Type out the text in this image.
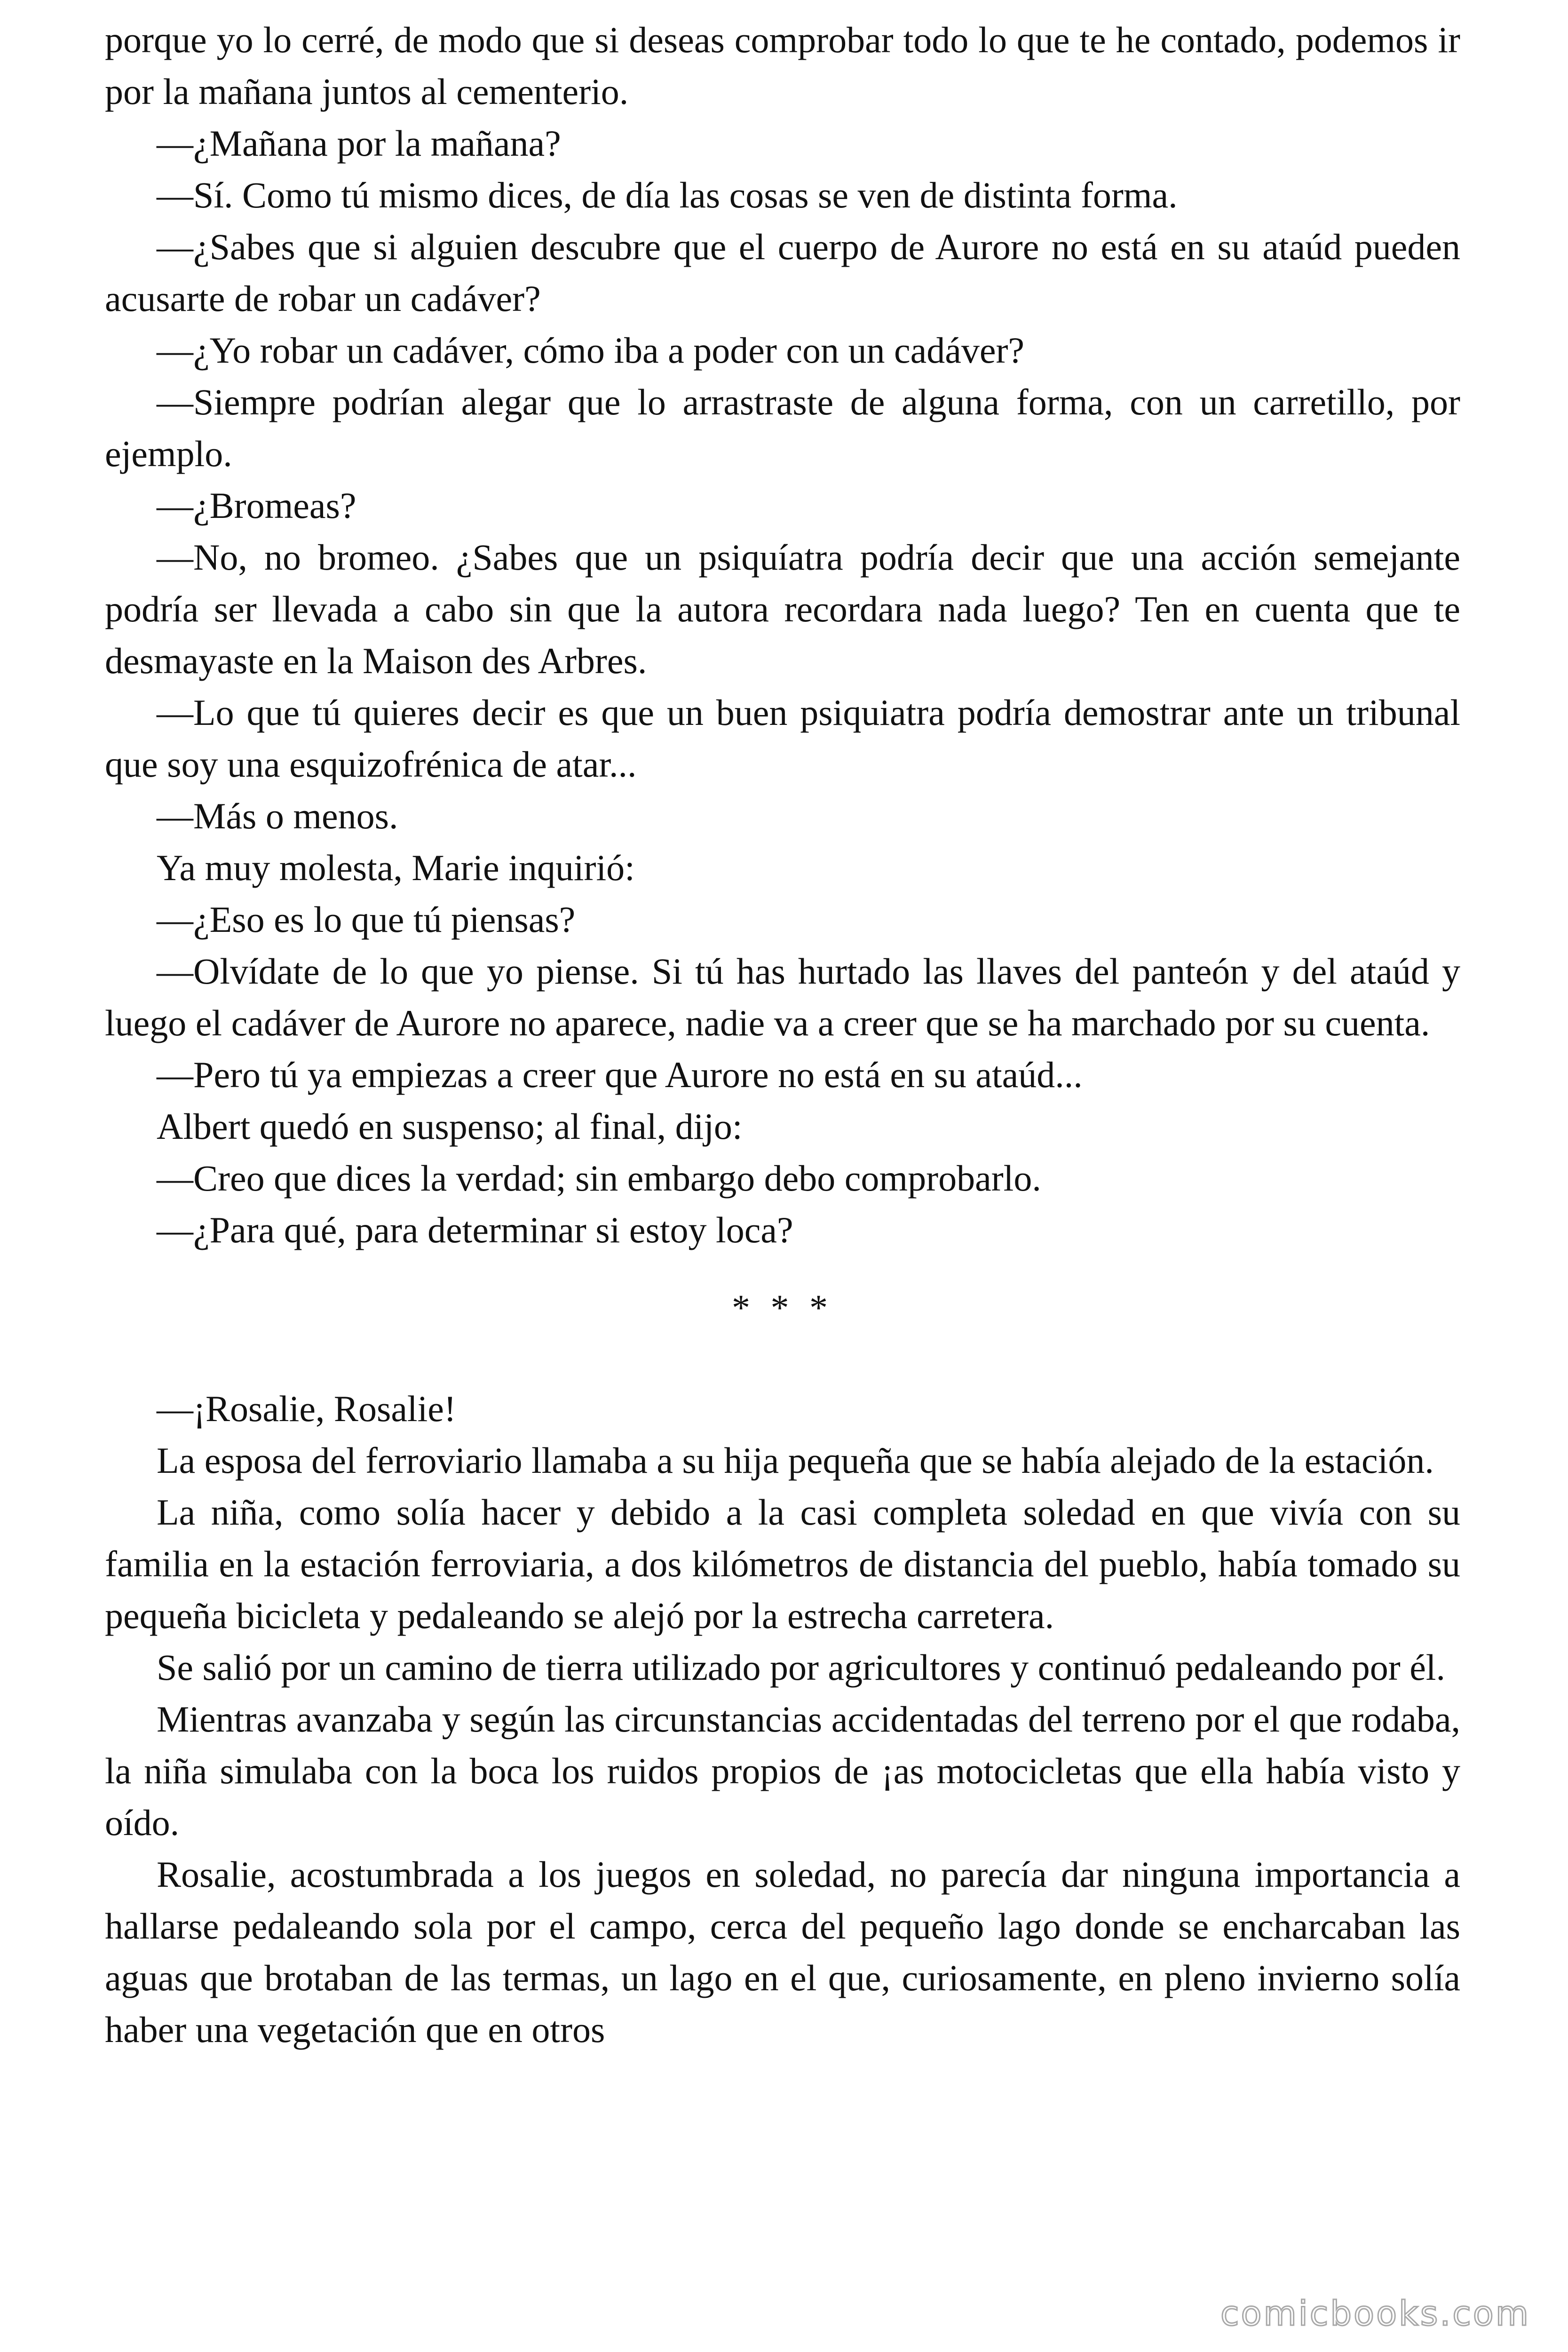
porque yo lo cerré, de modo que si deseas comprobar todo lo que te he contado, podemos ir por la mañana juntos al cementerio.

—¿Mañana por la mañana?

—Sí. Como tú mismo dices, de día las cosas se ven de distinta forma.

—¿Sabes que si alguien descubre que el cuerpo de Aurore no está en su ataúd pueden acusarte de robar un cadáver?

—¿Yo robar un cadáver, cómo iba a poder con un cadáver?

—Siempre podrían alegar que lo arrastraste de alguna forma, con un carretillo, por ejemplo.

—¿Bromeas?

—No, no bromeo. ¿Sabes que un psiquíatra podría decir que una acción semejante podría ser llevada a cabo sin que la autora recordara nada luego? Ten en cuenta que te desmayaste en la Maison des Arbres.

—Lo que tú quieres decir es que un buen psiquiatra podría demostrar ante un tribunal que soy una esquizofrénica de atar...

—Más o menos.

Ya muy molesta, Marie inquirió:

—¿Eso es lo que tú piensas?

—Olvídate de lo que yo piense. Si tú has hurtado las llaves del panteón y del ataúd y luego el cadáver de Aurore no aparece, nadie va a creer que se ha marchado por su cuenta.

—Pero tú ya empiezas a creer que Aurore no está en su ataúd...

Albert quedó en suspenso; al final, dijo:

—Creo que dices la verdad; sin embargo debo comprobarlo.

—¿Para qué, para determinar si estoy loca?

* * *

—¡Rosalie, Rosalie!

La esposa del ferroviario llamaba a su hija pequeña que se había alejado de la estación.

La niña, como solía hacer y debido a la casi completa soledad en que vivía con su familia en la estación ferroviaria, a dos kilómetros de distancia del pueblo, había tomado su pequeña bicicleta y pedaleando se alejó por la estrecha carretera.

Se salió por un camino de tierra utilizado por agricultores y continuó pedaleando por él.

Mientras avanzaba y según las circunstancias accidentadas del terreno por el que rodaba, la niña simulaba con la boca los ruidos propios de ¡as motocicletas que ella había visto y oído.

Rosalie, acostumbrada a los juegos en soledad, no parecía dar ninguna importancia a hallarse pedaleando sola por el campo, cerca del pequeño lago donde se encharcaban las aguas que brotaban de las termas, un lago en el que, curiosamente, en pleno invierno solía haber una vegetación que en otros

comicbooks.com
